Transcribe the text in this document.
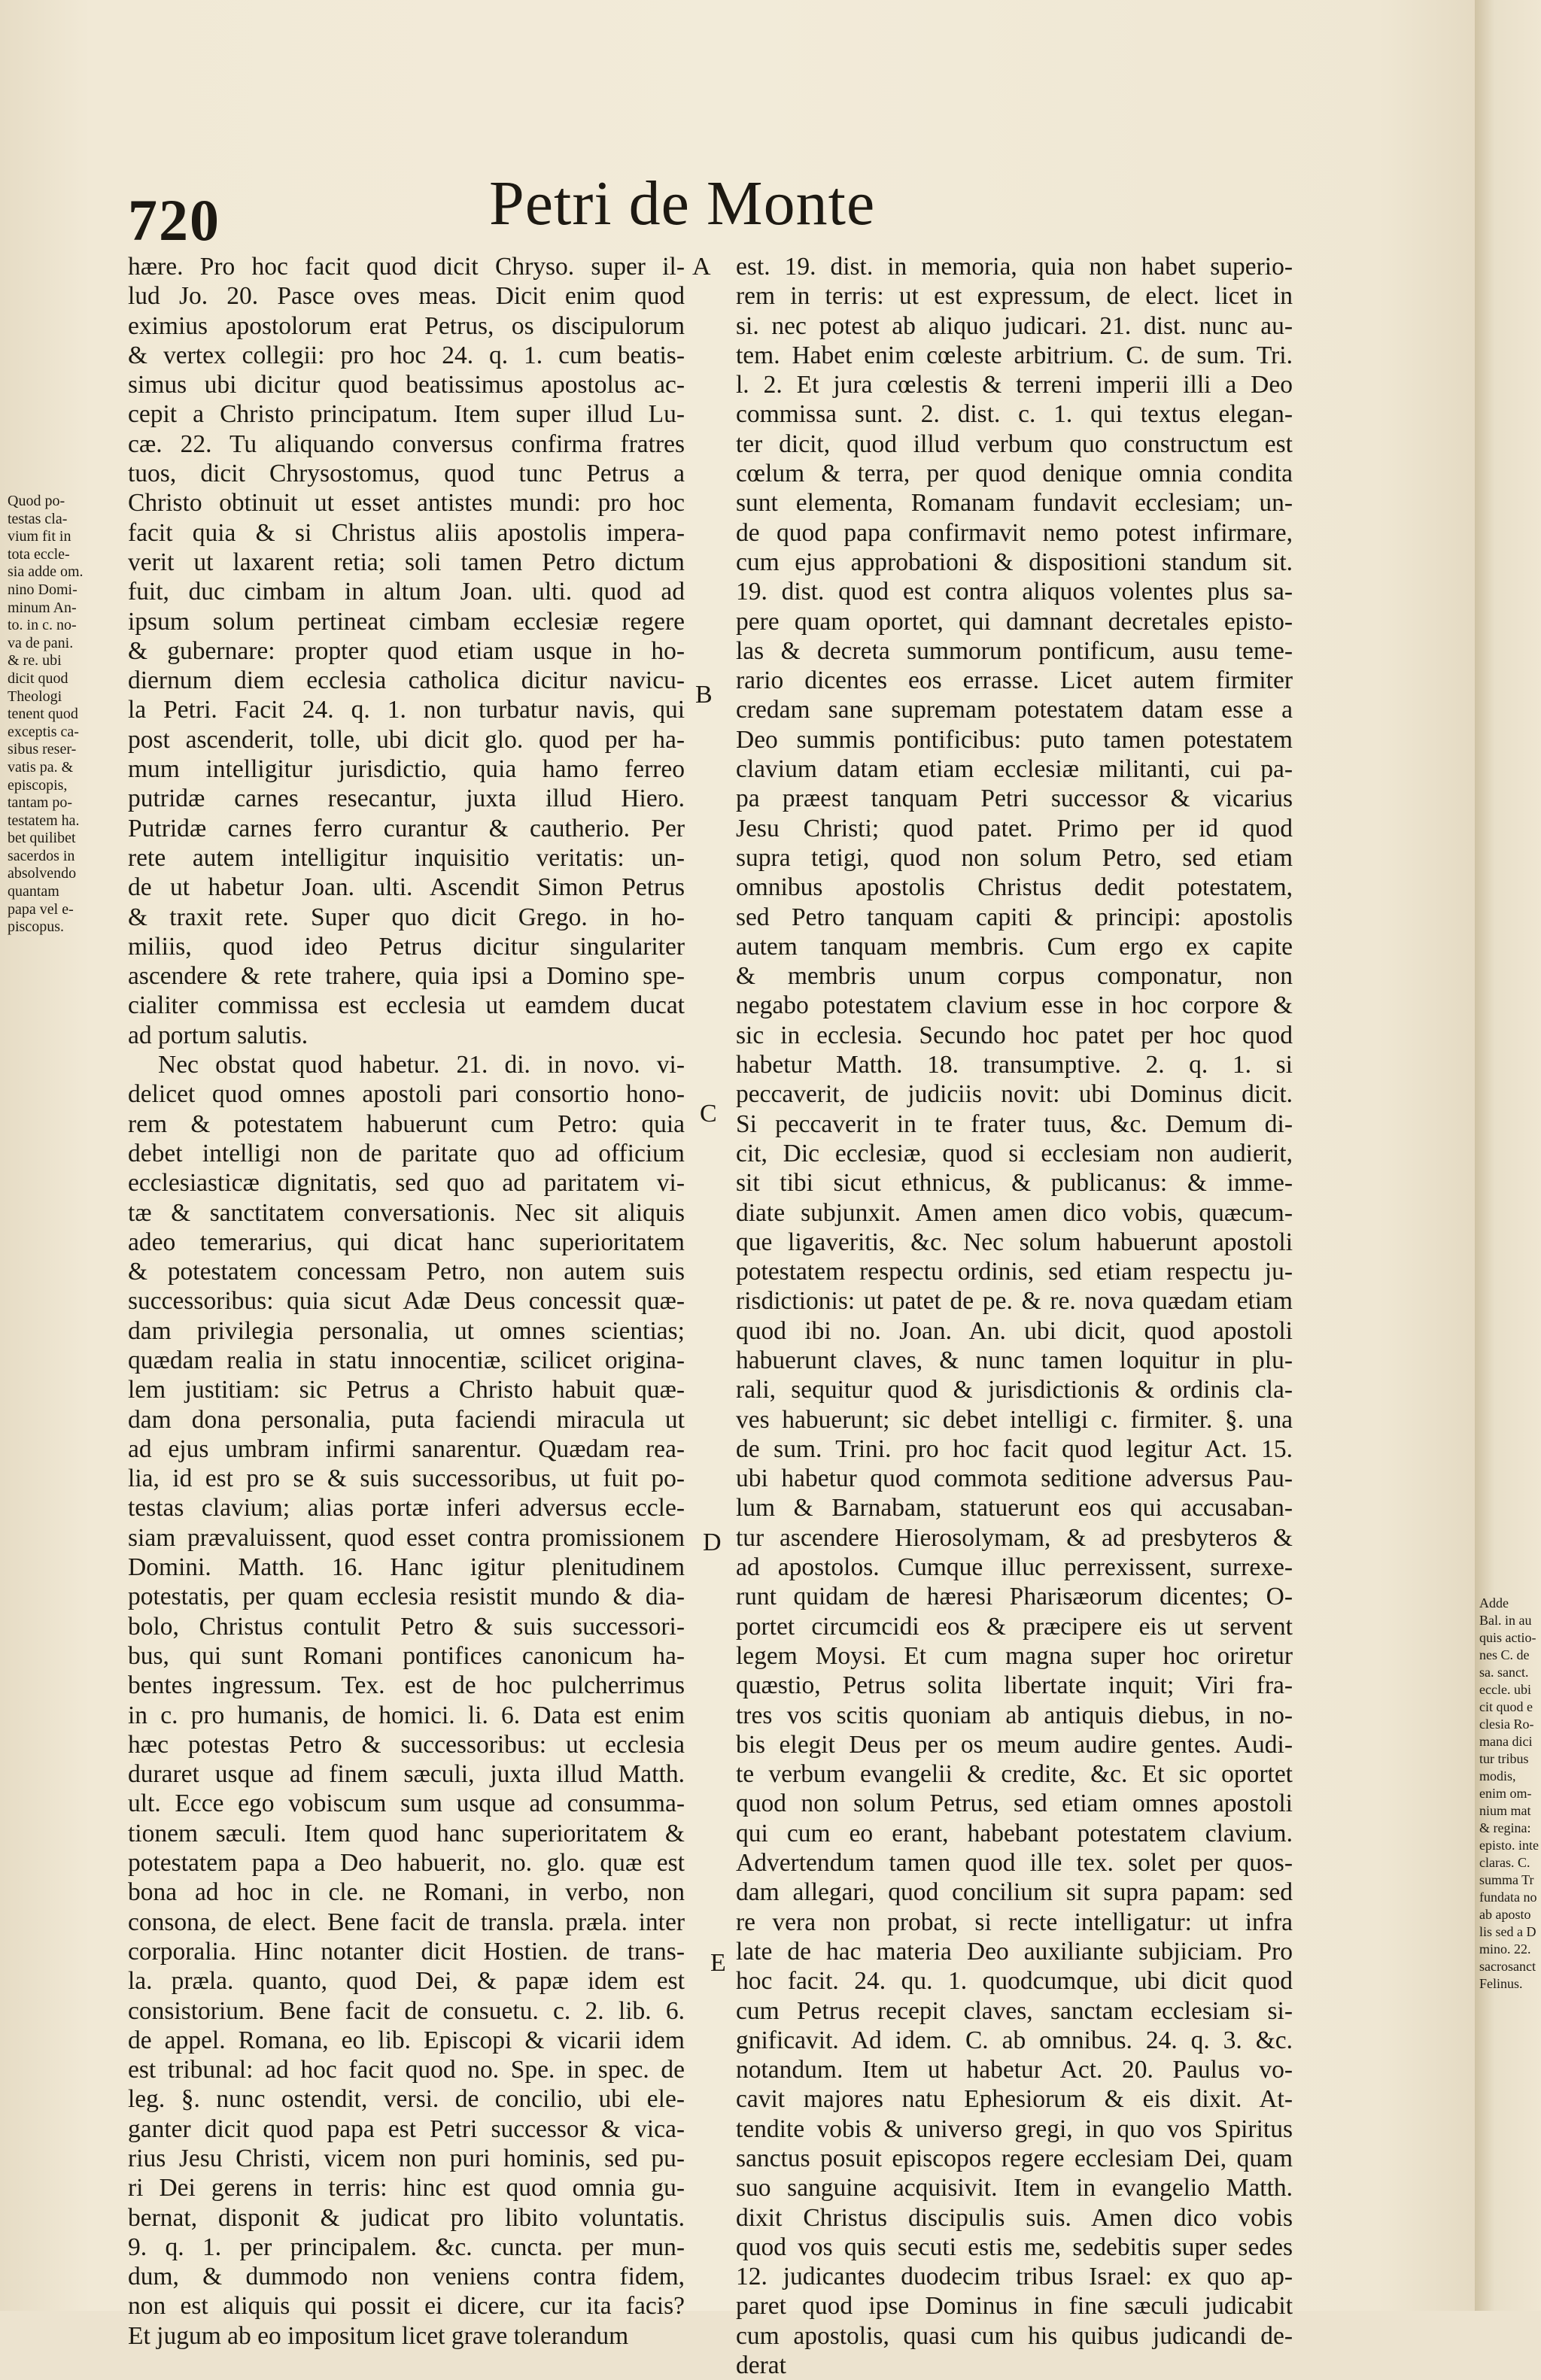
720	Petri de Monte
Quod po-
testas cla-
vium fit in
tota eccle-
sia adde om.
nino Domi-
minum An-
to. in c. no-
va de pani.
& re. ubi
dicit quod
Theologi
tenent quod
exceptis ca-
sibus reser-
vatis pa. &
episcopis,
tantam po-
testatem ha.
bet quilibet
sacerdos in
absolvendo
quantam
papa vel e-
piscopus.
hære. Pro hoc facit quod dicit Chryso. super il-
lud Jo. 20. Pasce oves meas. Dicit enim quod
eximius apostolorum erat Petrus, os discipulorum
& vertex collegii: pro hoc 24. q. 1. cum beatis-
simus ubi dicitur quod beatissimus apostolus ac-
cepit a Christo principatum. Item super illud Lu-
cæ. 22. Tu aliquando conversus confirma fratres
tuos, dicit Chrysostomus, quod tunc Petrus a
Christo obtinuit ut esset antistes mundi: pro hoc
facit quia & si Christus aliis apostolis impera-
verit ut laxarent retia; soli tamen Petro dictum
fuit, duc cimbam in altum Joan. ulti. quod ad
ipsum solum pertineat cimbam ecclesiæ regere
& gubernare: propter quod etiam usque in ho-
diernum diem ecclesia catholica dicitur navicu-
la Petri. Facit 24. q. 1. non turbatur navis, qui
post ascenderit, tolle, ubi dicit glo. quod per ha-
mum intelligitur jurisdictio, quia hamo ferreo
putridæ carnes resecantur, juxta illud Hiero.
Putridæ carnes ferro curantur & cautherio. Per
rete autem intelligitur inquisitio veritatis: un-
de ut habetur Joan. ulti. Ascendit Simon Petrus
& traxit rete. Super quo dicit Grego. in ho-
miliis, quod ideo Petrus dicitur singulariter
ascendere & rete trahere, quia ipsi a Domino spe-
cialiter commissa est ecclesia ut eamdem ducat
ad portum salutis.
Nec obstat quod habetur. 21. di. in novo. vi-
delicet quod omnes apostoli pari consortio hono-
rem & potestatem habuerunt cum Petro: quia
debet intelligi non de paritate quo ad officium
ecclesiasticæ dignitatis, sed quo ad paritatem vi-
tæ & sanctitatem conversationis. Nec sit aliquis
adeo temerarius, qui dicat hanc superioritatem
& potestatem concessam Petro, non autem suis
successoribus: quia sicut Adæ Deus concessit quæ-
dam privilegia personalia, ut omnes scientias;
quædam realia in statu innocentiæ, scilicet origina-
lem justitiam: sic Petrus a Christo habuit quæ-
dam dona personalia, puta faciendi miracula ut
ad ejus umbram infirmi sanarentur. Quædam rea-
lia, id est pro se & suis successoribus, ut fuit po-
testas clavium; alias portæ inferi adversus eccle-
siam prævaluissent, quod esset contra promissionem
Domini. Matth. 16. Hanc igitur plenitudinem
potestatis, per quam ecclesia resistit mundo & dia-
bolo, Christus contulit Petro & suis successori-
bus, qui sunt Romani pontifices canonicum ha-
bentes ingressum. Tex. est de hoc pulcherrimus
in c. pro humanis, de homici. li. 6. Data est enim
hæc potestas Petro & successoribus: ut ecclesia
duraret usque ad finem sæculi, juxta illud Matth.
ult. Ecce ego vobiscum sum usque ad consumma-
tionem sæculi. Item quod hanc superioritatem &
potestatem papa a Deo habuerit, no. glo. quæ est
bona ad hoc in cle. ne Romani, in verbo, non
consona, de elect. Bene facit de transla. præla. inter
corporalia. Hinc notanter dicit Hostien. de trans-
la. præla. quanto, quod Dei, & papæ idem est
consistorium. Bene facit de consuetu. c. 2. lib. 6.
de appel. Romana, eo lib. Episcopi & vicarii idem
est tribunal: ad hoc facit quod no. Spe. in spec. de
leg. §. nunc ostendit, versi. de concilio, ubi ele-
ganter dicit quod papa est Petri successor & vica-
rius Jesu Christi, vicem non puri hominis, sed pu-
ri Dei gerens in terris: hinc est quod omnia gu-
bernat, disponit & judicat pro libito voluntatis.
9. q. 1. per principalem. &c. cuncta. per mun-
dum, & dummodo non veniens contra fidem,
non est aliquis qui possit ei dicere, cur ita facis?
Et jugum ab eo impositum licet grave tolerandum
A
B
C
D
E
est. 19. dist. in memoria, quia non habet superio-
rem in terris: ut est expressum, de elect. licet in
si. nec potest ab aliquo judicari. 21. dist. nunc au-
tem. Habet enim cœleste arbitrium. C. de sum. Tri.
l. 2. Et jura cœlestis & terreni imperii illi a Deo
commissa sunt. 2. dist. c. 1. qui textus elegan-
ter dicit, quod illud verbum quo constructum est
cœlum & terra, per quod denique omnia condita
sunt elementa, Romanam fundavit ecclesiam; un-
de quod papa confirmavit nemo potest infirmare,
cum ejus approbationi & dispositioni standum sit.
19. dist. quod est contra aliquos volentes plus sa-
pere quam oportet, qui damnant decretales episto-
las & decreta summorum pontificum, ausu teme-
rario dicentes eos errasse. Licet autem firmiter
credam sane supremam potestatem datam esse a
Deo summis pontificibus: puto tamen potestatem
clavium datam etiam ecclesiæ militanti, cui pa-
pa præest tanquam Petri successor & vicarius
Jesu Christi; quod patet. Primo per id quod
supra tetigi, quod non solum Petro, sed etiam
omnibus apostolis Christus dedit potestatem,
sed Petro tanquam capiti & principi: apostolis
autem tanquam membris. Cum ergo ex capite
& membris unum corpus componatur, non
negabo potestatem clavium esse in hoc corpore &
sic in ecclesia. Secundo hoc patet per hoc quod
habetur Matth. 18. transumptive. 2. q. 1. si
peccaverit, de judiciis novit: ubi Dominus dicit.
Si peccaverit in te frater tuus, &c. Demum di-
cit, Dic ecclesiæ, quod si ecclesiam non audierit,
sit tibi sicut ethnicus, & publicanus: & imme-
diate subjunxit. Amen amen dico vobis, quæcum-
que ligaveritis, &c. Nec solum habuerunt apostoli
potestatem respectu ordinis, sed etiam respectu ju-
risdictionis: ut patet de pe. & re. nova quædam etiam
quod ibi no. Joan. An. ubi dicit, quod apostoli
habuerunt claves, & nunc tamen loquitur in plu-
rali, sequitur quod & jurisdictionis & ordinis cla-
ves habuerunt; sic debet intelligi c. firmiter. §. una
de sum. Trini. pro hoc facit quod legitur Act. 15.
ubi habetur quod commota seditione adversus Pau-
lum & Barnabam, statuerunt eos qui accusaban-
tur ascendere Hierosolymam, & ad presbyteros &
ad apostolos. Cumque illuc perrexissent, surrexe-
runt quidam de hæresi Pharisæorum dicentes; O-
portet circumcidi eos & præcipere eis ut servent
legem Moysi. Et cum magna super hoc oriretur
quæstio, Petrus solita libertate inquit; Viri fra-
tres vos scitis quoniam ab antiquis diebus, in no-
bis elegit Deus per os meum audire gentes. Audi-
te verbum evangelii & credite, &c. Et sic oportet
quod non solum Petrus, sed etiam omnes apostoli
qui cum eo erant, habebant potestatem clavium.
Advertendum tamen quod ille tex. solet per quos-
dam allegari, quod concilium sit supra papam: sed
re vera non probat, si recte intelligatur: ut infra
late de hac materia Deo auxiliante subjiciam. Pro
hoc facit. 24. qu. 1. quodcumque, ubi dicit quod
cum Petrus recepit claves, sanctam ecclesiam si-
gnificavit. Ad idem. C. ab omnibus. 24. q. 3. &c.
notandum. Item ut habetur Act. 20. Paulus vo-
cavit majores natu Ephesiorum & eis dixit. At-
tendite vobis & universo gregi, in quo vos Spiritus
sanctus posuit episcopos regere ecclesiam Dei, quam
suo sanguine acquisivit. Item in evangelio Matth.
dixit Christus discipulis suis. Amen dico vobis
quod vos quis secuti estis me, sedebitis super sedes
12. judicantes duodecim tribus Israel: ex quo ap-
paret quod ipse Dominus in fine sæculi judicabit
cum apostolis, quasi cum his quibus judicandi de-
derat
Adde
Bal. in au
quis actio-
nes C. de
sa. sanct.
eccle. ubi
cit quod e
clesia Ro-
mana dici
tur tribus
modis,
enim om-
nium mat
& regina:
episto. inte
claras. C.
summa Tr
fundata no
ab aposto
lis sed a D
mino. 22.
sacrosanct
Felinus.
